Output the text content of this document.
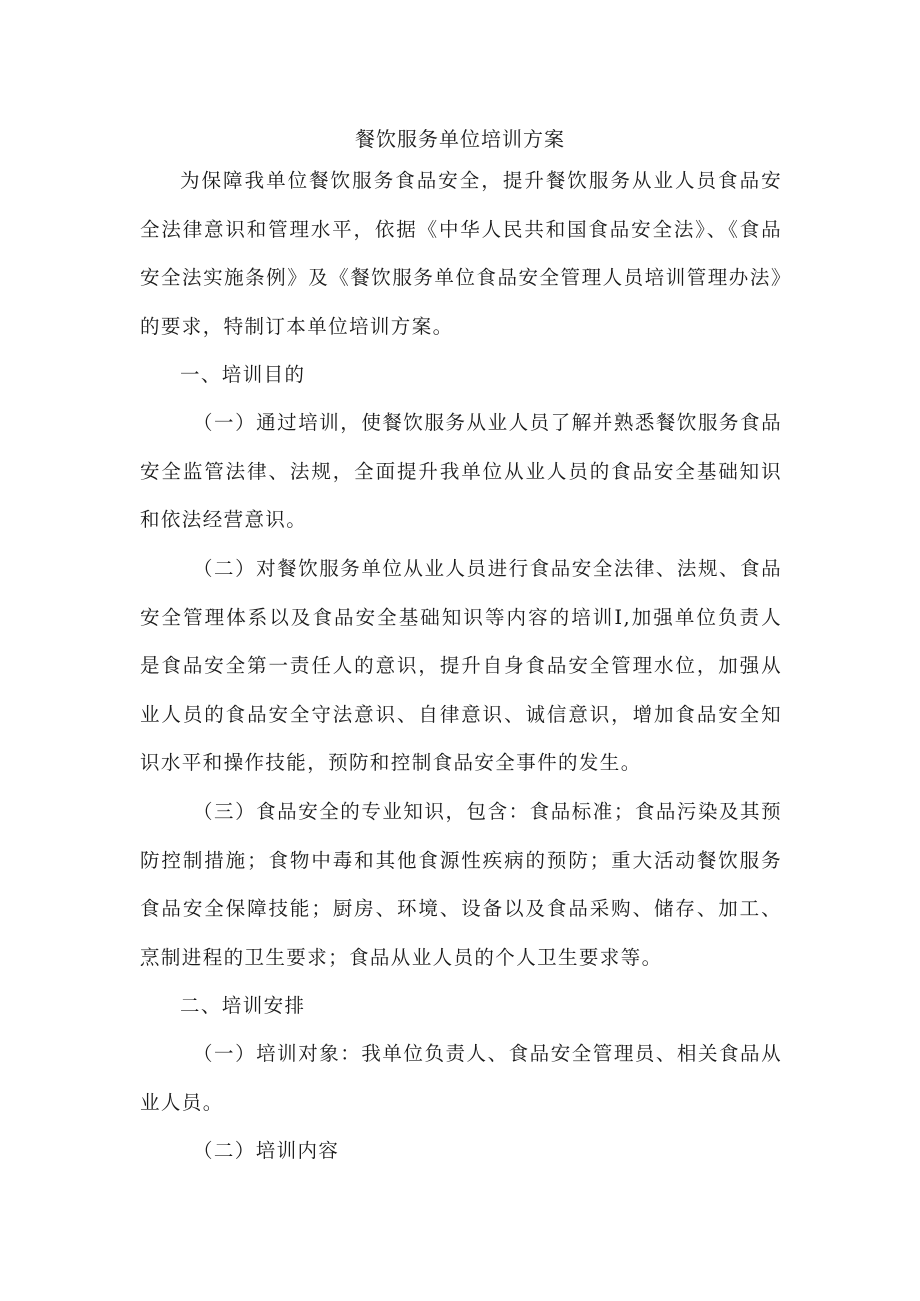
餐饮服务单位培训方案

为保障我单位餐饮服务食品安全，提升餐饮服务从业人员食品安全法律意识和管理水平，依据《中华人民共和国食品安全法》、《食品安全法实施条例》及《餐饮服务单位食品安全管理人员培训管理办法》的要求，特制订本单位培训方案。

一、培训目的

（一）通过培训，使餐饮服务从业人员了解并熟悉餐饮服务食品安全监管法律、法规，全面提升我单位从业人员的食品安全基础知识和依法经营意识。

（二）对餐饮服务单位从业人员进行食品安全法律、法规、食品安全管理体系以及食品安全基础知识等内容的培训I,加强单位负责人是食品安全第一责任人的意识，提升自身食品安全管理水位，加强从业人员的食品安全守法意识、自律意识、诚信意识，增加食品安全知识水平和操作技能，预防和控制食品安全事件的发生。

（三）食品安全的专业知识，包含：食品标准；食品污染及其预防控制措施；食物中毒和其他食源性疾病的预防；重大活动餐饮服务食品安全保障技能；厨房、环境、设备以及食品采购、储存、加工、烹制进程的卫生要求；食品从业人员的个人卫生要求等。

二、培训安排

（一）培训对象：我单位负责人、食品安全管理员、相关食品从业人员。

（二）培训内容
